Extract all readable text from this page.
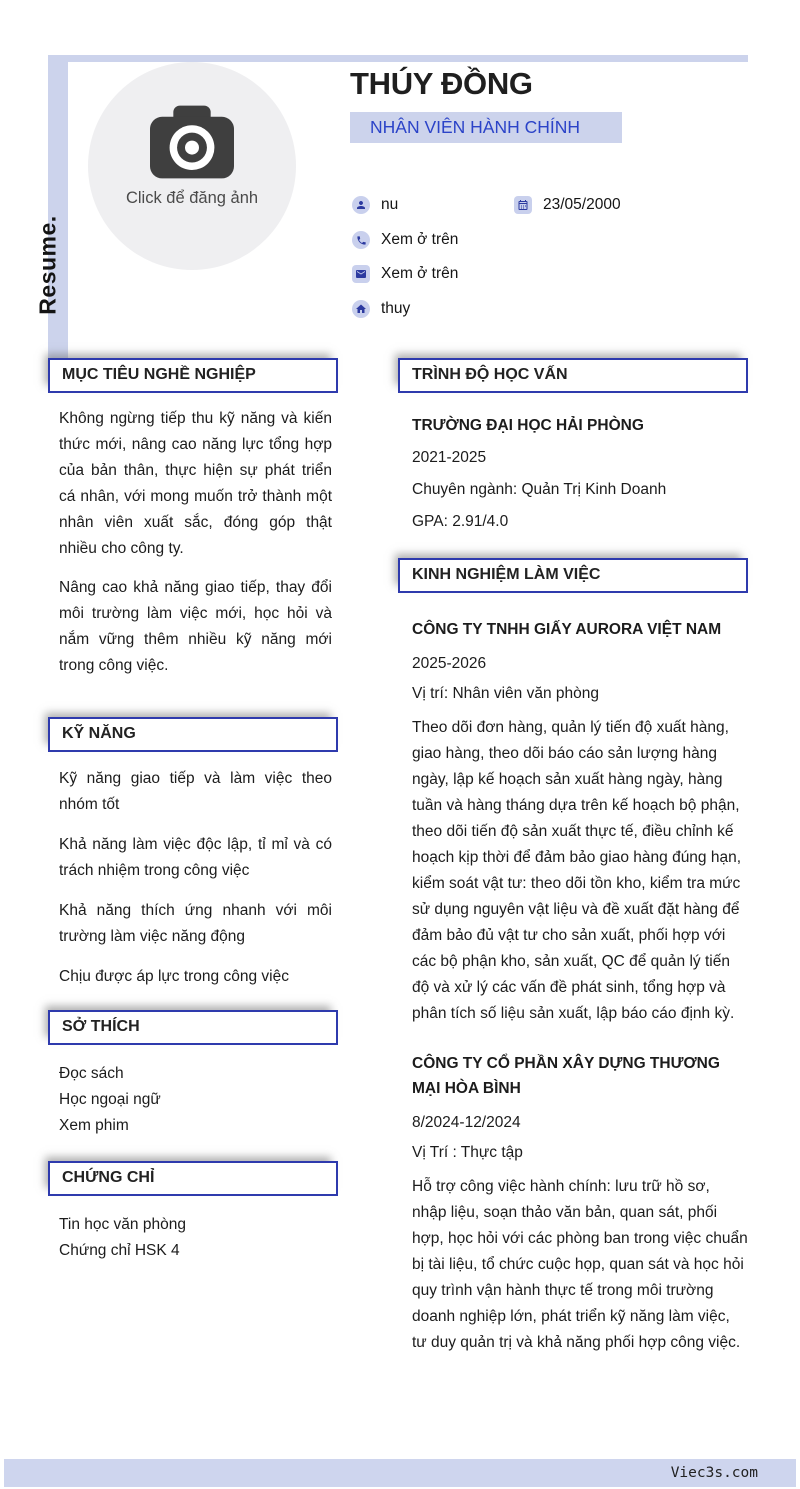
Resume.
Click để đăng ảnh
THÚY ĐỒNG
NHÂN VIÊN HÀNH CHÍNH
nu	23/05/2000
Xem ở trên
Xem ở trên
thuy
MỤC TIÊU NGHỀ NGHIỆP

Không ngừng tiếp thu kỹ năng và kiến thức mới, nâng cao năng lực tổng hợp của bản thân, thực hiện sự phát triển cá nhân, với mong muốn trở thành một nhân viên xuất sắc, đóng góp thật nhiều cho công ty.

Nâng cao khả năng giao tiếp, thay đổi môi trường làm việc mới, học hỏi và nắm vững thêm nhiều kỹ năng mới trong công việc.

KỸ NĂNG
Kỹ năng giao tiếp và làm việc theo nhóm tốt
Khả năng làm việc độc lập, tỉ mỉ và có trách nhiệm trong công việc
Khả năng thích ứng nhanh với môi trường làm việc năng động
Chịu được áp lực trong công việc
SỞ THÍCH

Đọc sách

Học ngoại ngữ

Xem phim

CHỨNG CHỈ

Tin học văn phòng

Chứng chỉ HSK 4

TRÌNH ĐỘ HỌC VẤN
TRƯỜNG ĐẠI HỌC HẢI PHÒNG
2021-2025
Chuyên ngành: Quản Trị Kinh Doanh
GPA: 2.91/4.0
KINH NGHIỆM LÀM VIỆC
CÔNG TY TNHH GIẤY AURORA VIỆT NAM
2025-2026
Vị trí: Nhân viên văn phòng
Theo dõi đơn hàng, quản lý tiến độ xuất hàng, giao hàng, theo dõi báo cáo sản lượng hàng ngày, lập kế hoạch sản xuất hàng ngày, hàng tuần và hàng tháng dựa trên kế hoạch bộ phận, theo dõi tiến độ sản xuất thực tế, điều chỉnh kế hoạch kịp thời để đảm bảo giao hàng đúng hạn, kiểm soát vật tư: theo dõi tồn kho, kiểm tra mức sử dụng nguyên vật liệu và đề xuất đặt hàng để đảm bảo đủ vật tư cho sản xuất, phối hợp với các bộ phận kho, sản xuất, QC để quản lý tiến độ và xử lý các vấn đề phát sinh, tổng hợp và phân tích số liệu sản xuất, lập báo cáo định kỳ.
CÔNG TY CỔ PHẦN XÂY DỰNG THƯƠNG MẠI HÒA BÌNH
8/2024-12/2024
Vị Trí : Thực tập
Hỗ trợ công việc hành chính: lưu trữ hồ sơ, nhập liệu, soạn thảo văn bản, quan sát, phối hợp, học hỏi với các phòng ban trong việc chuẩn bị tài liệu, tổ chức cuộc họp, quan sát và học hỏi quy trình vận hành thực tế trong môi trường doanh nghiệp lớn, phát triển kỹ năng làm việc, tư duy quản trị và khả năng phối hợp công việc.
Viec3s.com
